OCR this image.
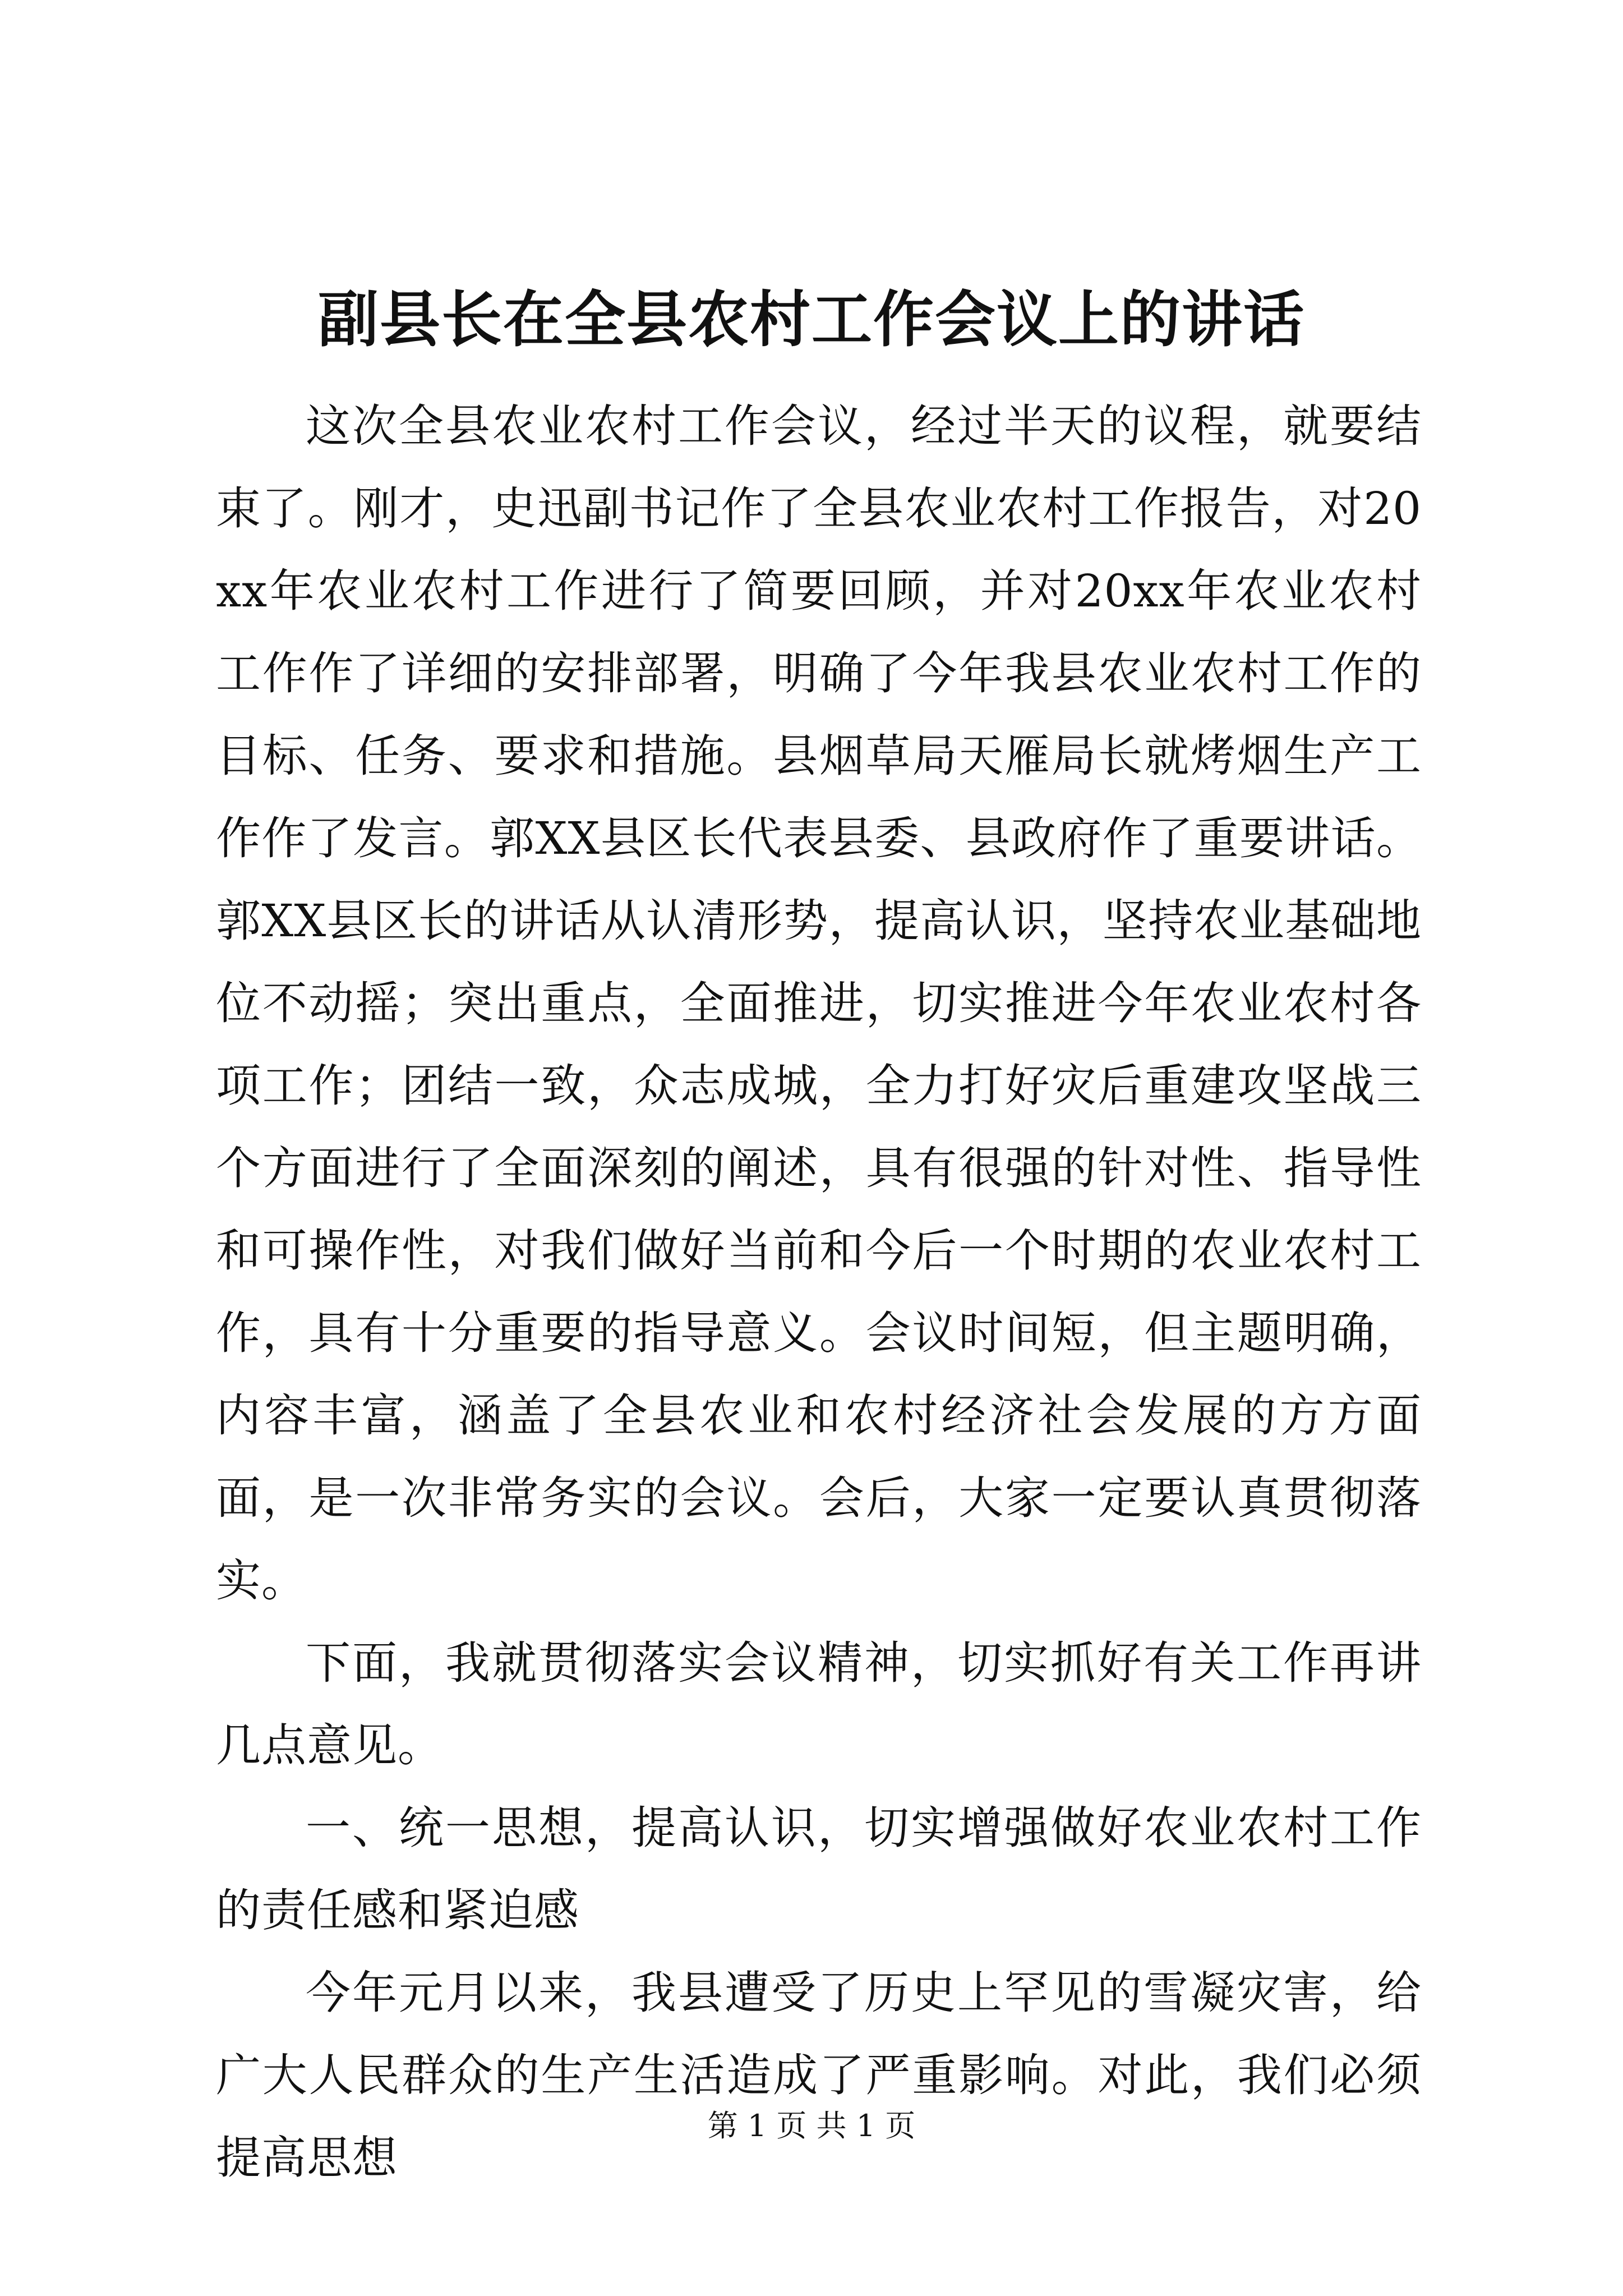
副县长在全县农村工作会议上的讲话

这次全县农业农村工作会议，经过半天的议程，就要结束了。刚才，史迅副书记作了全县农业农村工作报告，对20xx年农业农村工作进行了简要回顾，并对20xx年农业农村工作作了详细的安排部署，明确了今年我县农业农村工作的目标、任务、要求和措施。县烟草局天雁局长就烤烟生产工作作了发言。郭XX县区长代表县委、县政府作了重要讲话。郭XX县区长的讲话从认清形势，提高认识，坚持农业基础地位不动摇；突出重点，全面推进，切实推进今年农业农村各项工作；团结一致，众志成城，全力打好灾后重建攻坚战三个方面进行了全面深刻的阐述，具有很强的针对性、指导性和可操作性，对我们做好当前和今后一个时期的农业农村工作，具有十分重要的指导意义。会议时间短，但主题明确，内容丰富，涵盖了全县农业和农村经济社会发展的方方面面，是一次非常务实的会议。会后，大家一定要认真贯彻落实。

下面，我就贯彻落实会议精神，切实抓好有关工作再讲几点意见。

一、统一思想，提高认识，切实增强做好农业农村工作的责任感和紧迫感

今年元月以来，我县遭受了历史上罕见的雪凝灾害，给广大人民群众的生产生活造成了严重影响。对此，我们必须提高思想

第 1 页 共 1 页
